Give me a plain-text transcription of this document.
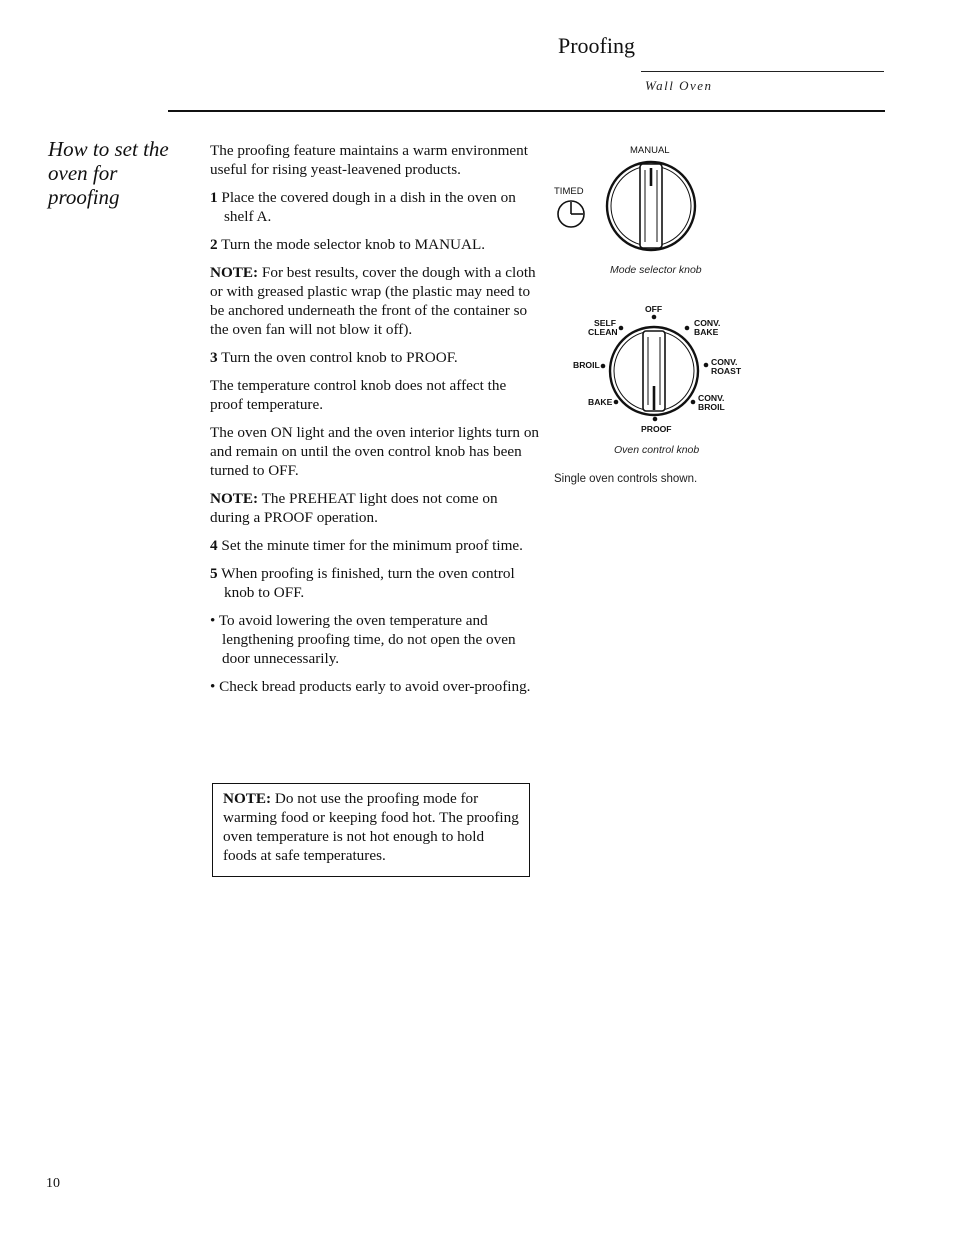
Proofing
Wall Oven
How to set the oven for proofing

The proofing feature maintains a warm environment useful for rising yeast-leavened products.

1 Place the covered dough in a dish in the oven on shelf A.

2 Turn the mode selector knob to MANUAL.

NOTE: For best results, cover the dough with a cloth or with greased plastic wrap (the plastic may need to be anchored underneath the front of the container so the oven fan will not blow it off).

3 Turn the oven control knob to PROOF.

The temperature control knob does not affect the proof temperature.

The oven ON light and the oven interior lights turn on and remain on until the oven control knob has been turned to OFF.

NOTE: The PREHEAT light does not come on during a PROOF operation.

4 Set the minute timer for the minimum proof time.

5 When proofing is finished, turn the oven control knob to OFF.

• To avoid lowering the oven temperature and lengthening proofing time, do not open the oven door unnecessarily.

• Check bread products early to avoid over-proofing.

NOTE: Do not use the proofing mode for warming food or keeping food hot. The proofing oven temperature is not hot enough to hold foods at safe temperatures.
MANUAL
TIMED
Mode selector knob
OFF
SELF
CLEAN
CONV.
BAKE
BROIL	CONV.
ROAST
BAKE	CONV.
BROIL
PROOF
Oven control knob
Single oven controls shown.
10
